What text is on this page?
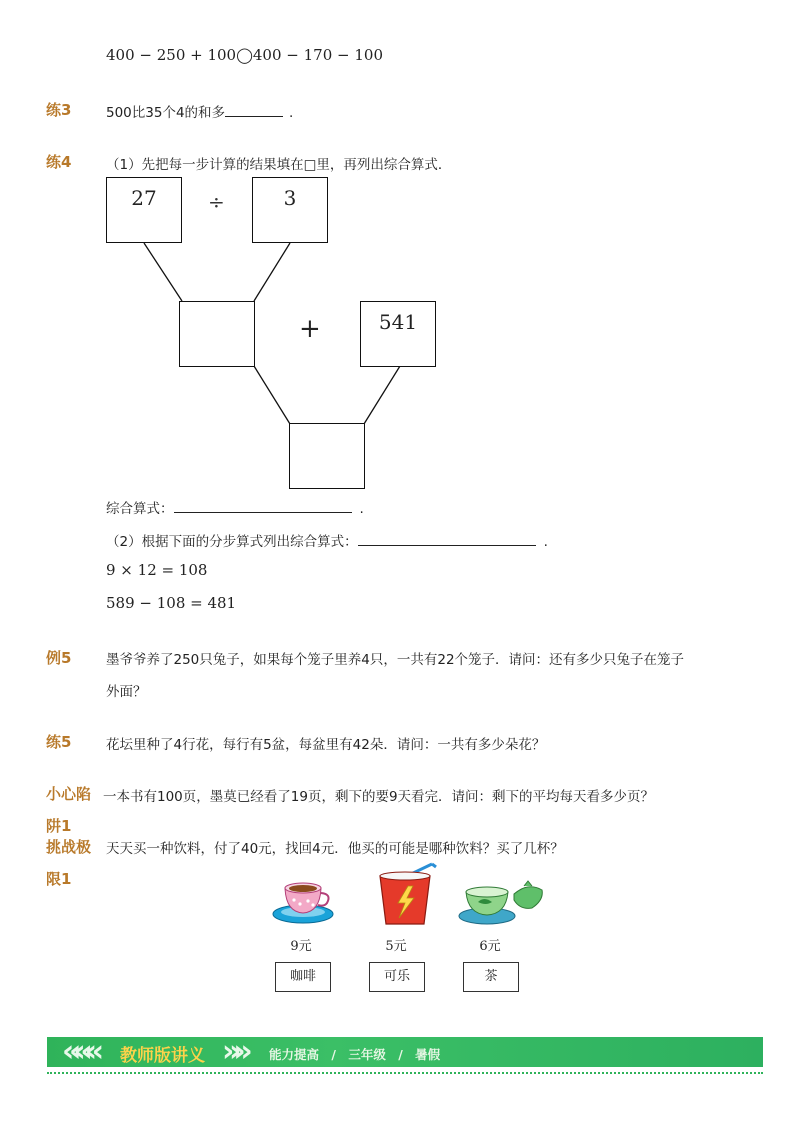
400 − 250 + 100◯400 − 170 − 100
练3	500比35个4的和多	.
练4	（1）先把每一步计算的结果填在□里，再列出综合算式．
27	÷	3
+	541
综合算式：	.
（2）根据下面的分步算式列出综合算式：	.
9 × 12 = 108
589 − 108 = 481
例5	墨爷爷养了250只兔子，如果每个笼子里养4只，一共有22个笼子．请问：还有多少只兔子在笼子
外面？
练5	花坛里种了4行花，每行有5盆，每盆里有42朵．请问：一共有多少朵花？
小心陷
阱1
一本书有100页，墨莫已经看了19页，剩下的要9天看完．请问：剩下的平均每天看多少页？
挑战极
限1
天天买一种饮料，付了40元，找回4元．他买的可能是哪种饮料？买了几杯？
9元	5元	6元
咖啡	可乐	茶
««« 教师版讲义 »» 能力提高 / 三年级 / 暑假
